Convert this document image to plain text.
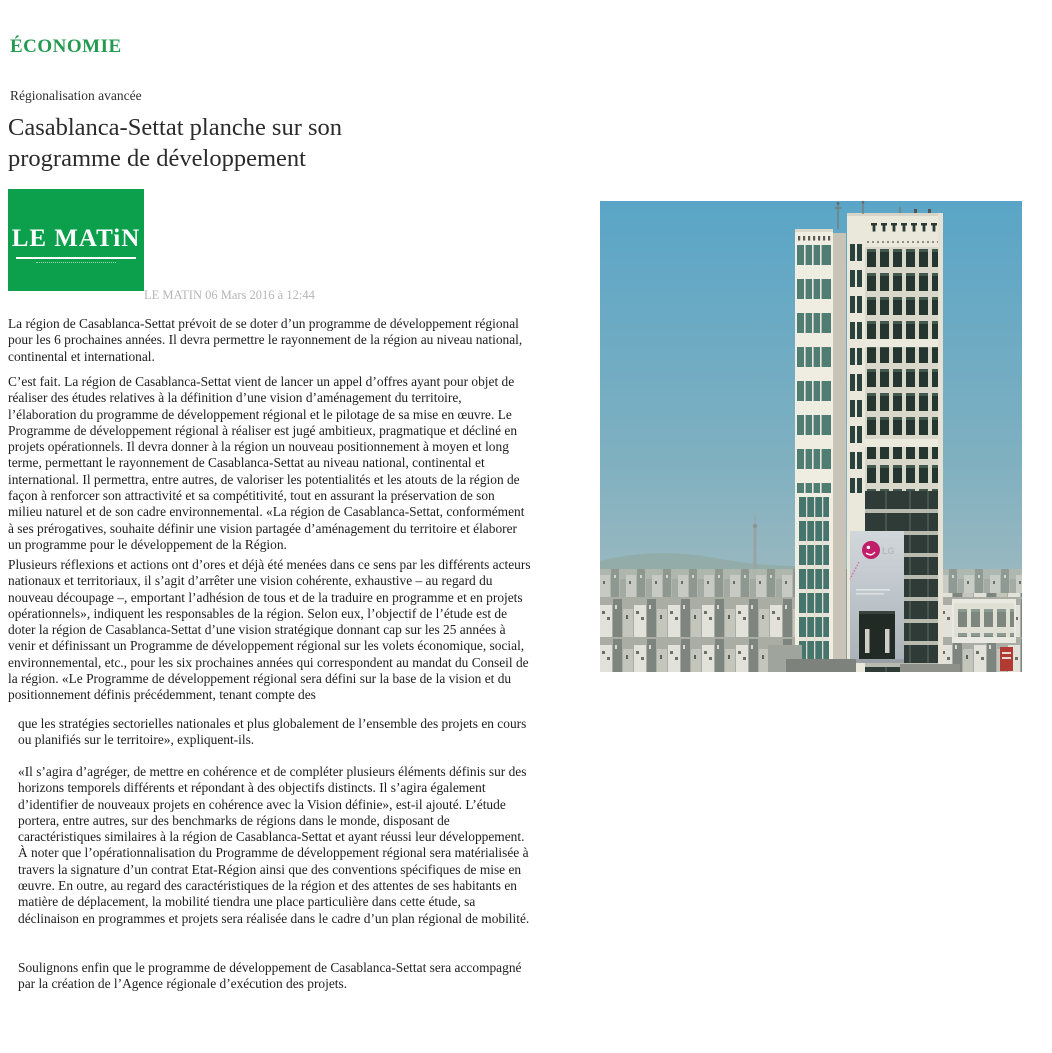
ÉCONOMIE
Régionalisation avancée
Casablanca-Settat planche sur son programme de développement
LE MATiN
LE MATIN 06 Mars 2016 à 12:44
La région de Casablanca-Settat prévoit de se doter d’un programme de développement régional pour les 6 prochaines années. Il devra permettre le rayonnement de la région au niveau national, continental et international.
C’est fait. La région de Casablanca-Settat vient de lancer un appel d’offres ayant pour objet de réaliser des études relatives à la définition d’une vision d’aménagement du territoire, l’élaboration du programme de développement régional et le pilotage de sa mise en œuvre. Le Programme de développement régional à réaliser est jugé ambitieux, pragmatique et décliné en projets opérationnels. Il devra donner à la région un nouveau positionnement à moyen et long terme, permettant le rayonnement de Casablanca-Settat au niveau national, continental et international. Il permettra, entre autres, de valoriser les potentialités et les atouts de la région de façon à renforcer son attractivité et sa compétitivité, tout en assurant la préservation de son milieu naturel et de son cadre environnemental. «La région de Casablanca-Settat, conformément à ses prérogatives, souhaite définir une vision partagée d’aménagement du territoire et élaborer un programme pour le développement de la Région.
Plusieurs réflexions et actions ont d’ores et déjà été menées dans ce sens par les différents acteurs nationaux et territoriaux, il s’agit d’arrêter une vision cohérente, exhaustive – au regard du nouveau découpage –, emportant l’adhésion de tous et de la traduire en programme et en projets opérationnels», indiquent les responsables de la région. Selon eux, l’objectif de l’étude est de doter la région de Casablanca-Settat d’une vision stratégique donnant cap sur les 25 années à venir et définissant un Programme de développement régional sur les volets économique, social, environnemental, etc., pour les six prochaines années qui correspondent au mandat du Conseil de la région. «Le Programme de développement régional sera défini sur la base de la vision et du positionnement définis précédemment, tenant compte des
que les stratégies sectorielles nationales et plus globalement de l’ensemble des projets en cours ou planifiés sur le territoire», expliquent-ils.
«Il s’agira d’agréger, de mettre en cohérence et de compléter plusieurs éléments définis sur des horizons temporels différents et répondant à des objectifs distincts. Il s’agira également d’identifier de nouveaux projets en cohérence avec la Vision définie», est-il ajouté. L’étude portera, entre autres, sur des benchmarks de régions dans le monde, disposant de caractéristiques similaires à la région de Casablanca-Settat et ayant réussi leur développement.
À noter que l’opérationnalisation du Programme de développement régional sera matérialisée à travers la signature d’un contrat Etat-Région ainsi que des conventions spécifiques de mise en œuvre. En outre, au regard des caractéristiques de la région et des attentes de ses habitants en matière de déplacement, la mobilité tiendra une place particulière dans cette étude, sa déclinaison en programmes et projets sera réalisée dans le cadre d’un plan régional de mobilité.
Soulignons enfin que le programme de développement de Casablanca-Settat sera accompagné par la création de l’Agence régionale d’exécution des projets.
LG
